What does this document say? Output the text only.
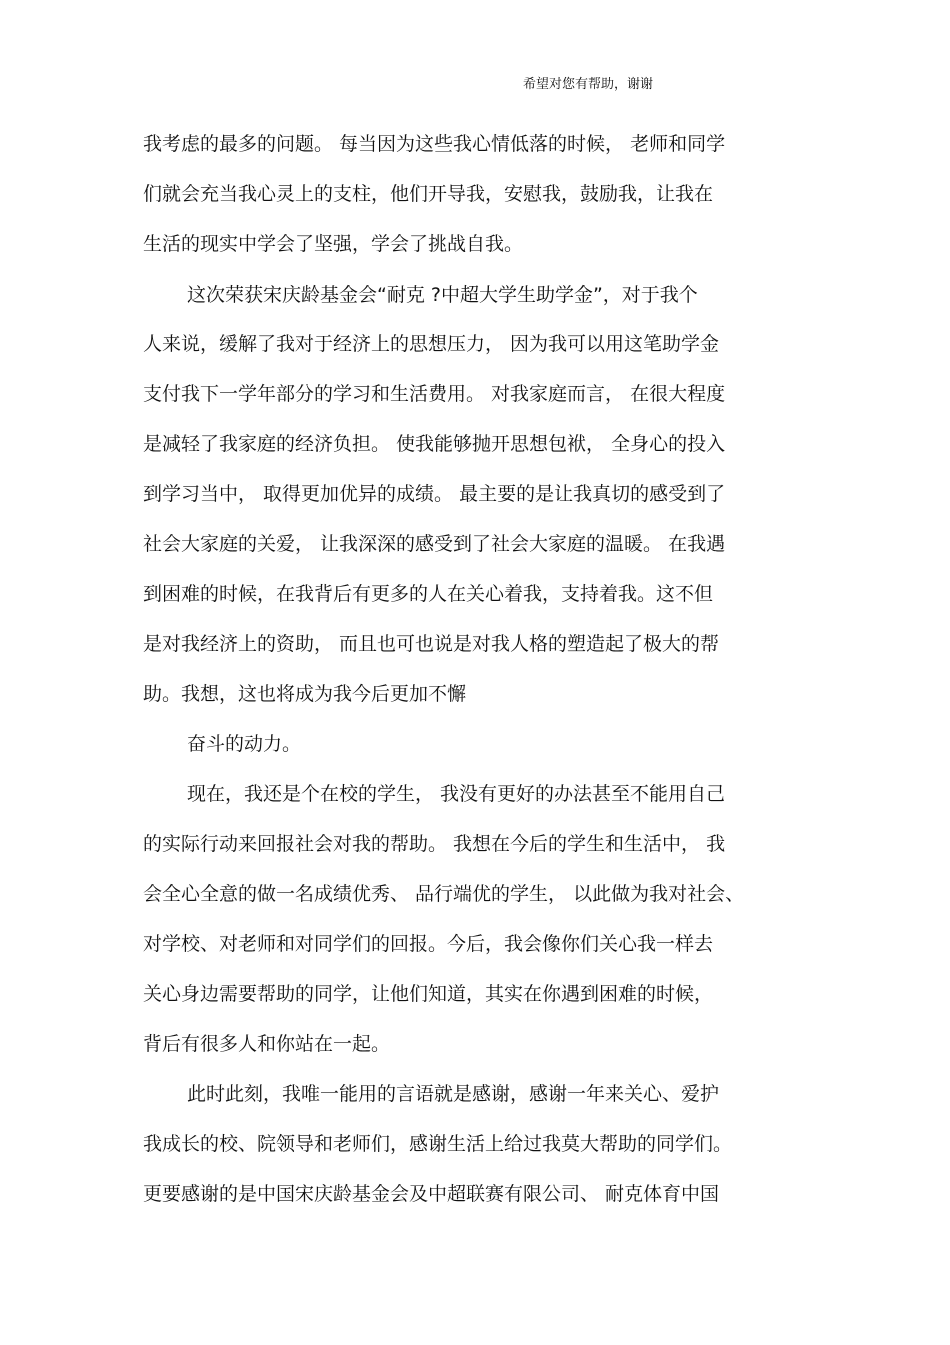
希望对您有帮助，谢谢
我考虑的最多的问题。 每当因为这些我心情低落的时候， 老师和同学
们就会充当我心灵上的支柱，他们开导我，安慰我，鼓励我，让我在
生活的现实中学会了坚强，学会了挑战自我。
这次荣获宋庆龄基金会“耐克 ?中超大学生助学金”，对于我个
人来说，缓解了我对于经济上的思想压力， 因为我可以用这笔助学金
支付我下一学年部分的学习和生活费用。 对我家庭而言， 在很大程度
是减轻了我家庭的经济负担。 使我能够抛开思想包袱， 全身心的投入
到学习当中， 取得更加优异的成绩。 最主要的是让我真切的感受到了
社会大家庭的关爱， 让我深深的感受到了社会大家庭的温暖。 在我遇
到困难的时候，在我背后有更多的人在关心着我，支持着我。这不但
是对我经济上的资助， 而且也可也说是对我人格的塑造起了极大的帮
助。我想，这也将成为我今后更加不懈
奋斗的动力。
现在，我还是个在校的学生， 我没有更好的办法甚至不能用自己
的实际行动来回报社会对我的帮助。 我想在今后的学生和生活中， 我
会全心全意的做一名成绩优秀、 品行端优的学生， 以此做为我对社会、
对学校、对老师和对同学们的回报。今后，我会像你们关心我一样去
关心身边需要帮助的同学，让他们知道，其实在你遇到困难的时候，
背后有很多人和你站在一起。
此时此刻，我唯一能用的言语就是感谢，感谢一年来关心、爱护
我成长的校、院领导和老师们，感谢生活上给过我莫大帮助的同学们。
更要感谢的是中国宋庆龄基金会及中超联赛有限公司、 耐克体育中国
